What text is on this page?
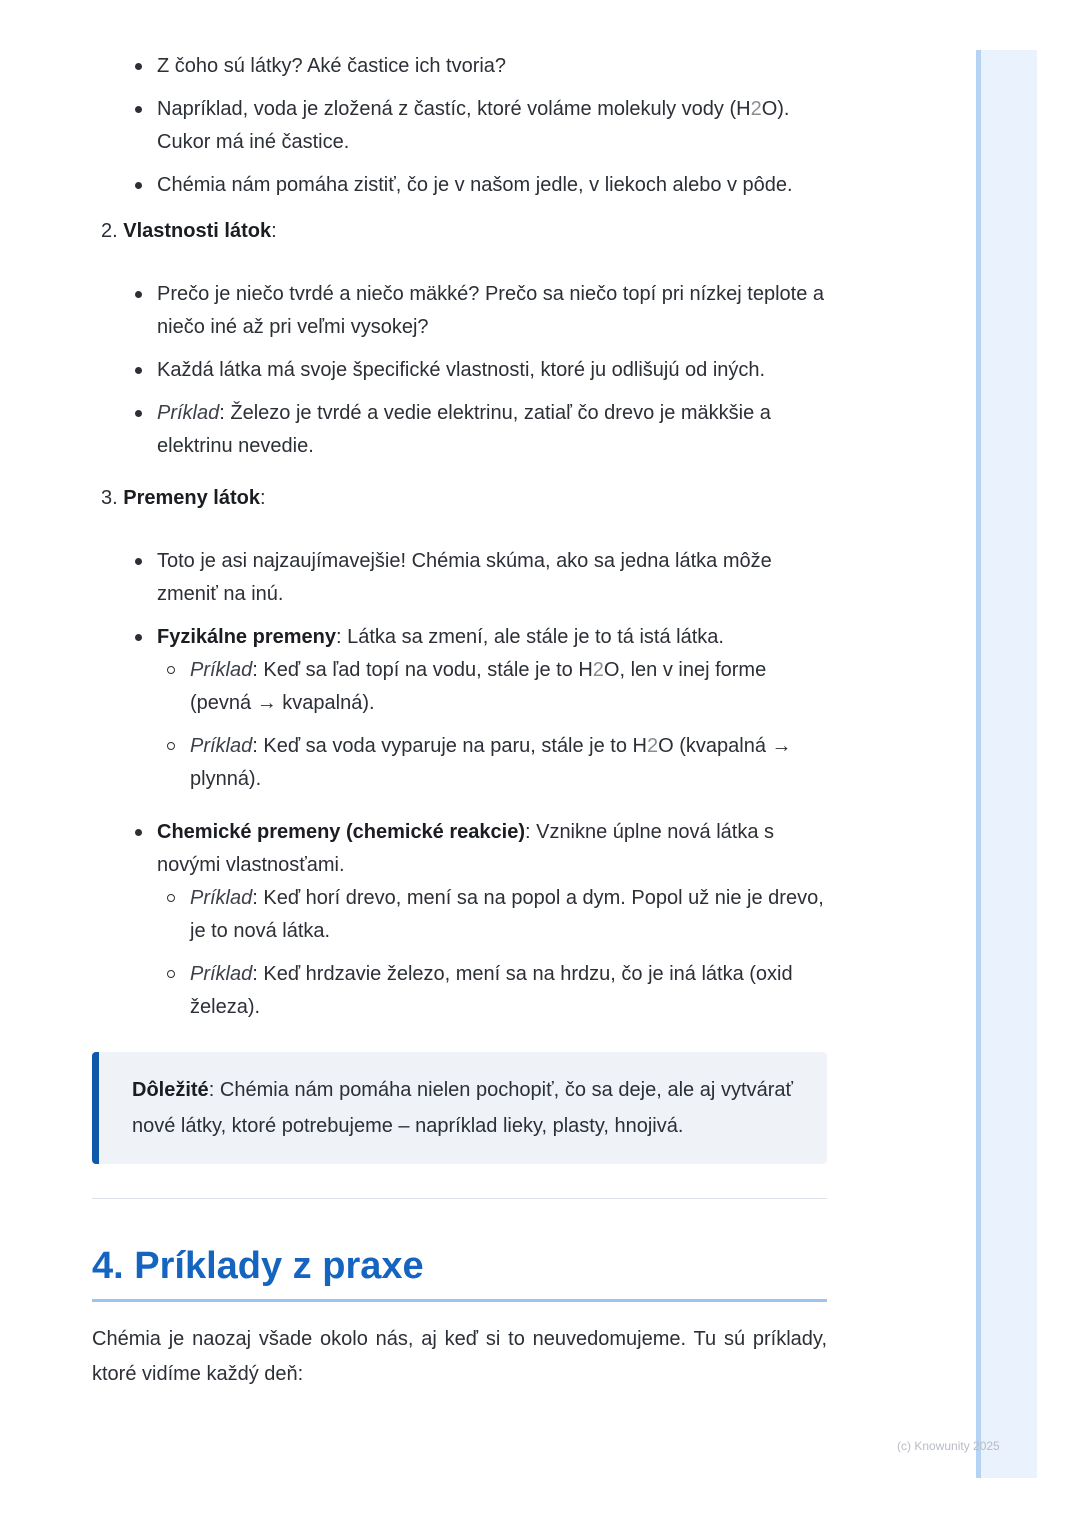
Z čoho sú látky? Aké častice ich tvoria?
Napríklad, voda je zložená z častíc, ktoré voláme molekuly vody (H2O). Cukor má iné častice.
Chémia nám pomáha zistiť, čo je v našom jedle, v liekoch alebo v pôde.
2. Vlastnosti látok:
Prečo je niečo tvrdé a niečo mäkké? Prečo sa niečo topí pri nízkej teplote a niečo iné až pri veľmi vysokej?
Každá látka má svoje špecifické vlastnosti, ktoré ju odlišujú od iných.
Príklad: Železo je tvrdé a vedie elektrinu, zatiaľ čo drevo je mäkkšie a elektrinu nevedie.
3. Premeny látok:
Toto je asi najzaujímavejšie! Chémia skúma, ako sa jedna látka môže zmeniť na inú.
Fyzikálne premeny: Látka sa zmení, ale stále je to tá istá látka.
Príklad: Keď sa ľad topí na vodu, stále je to H2O, len v inej forme (pevná → kvapalná).
Príklad: Keď sa voda vyparuje na paru, stále je to H2O (kvapalná → plynná).
Chemické premeny (chemické reakcie): Vznikne úplne nová látka s novými vlastnosťami.
Príklad: Keď horí drevo, mení sa na popol a dym. Popol už nie je drevo, je to nová látka.
Príklad: Keď hrdzavie železo, mení sa na hrdzu, čo je iná látka (oxid železa).
Dôležité: Chémia nám pomáha nielen pochopiť, čo sa deje, ale aj vytvárať nové látky, ktoré potrebujeme – napríklad lieky, plasty, hnojivá.
4. Príklady z praxe
Chémia je naozaj všade okolo nás, aj keď si to neuvedomujeme. Tu sú príklady, ktoré vidíme každý deň:
(c) Knowunity 2025
